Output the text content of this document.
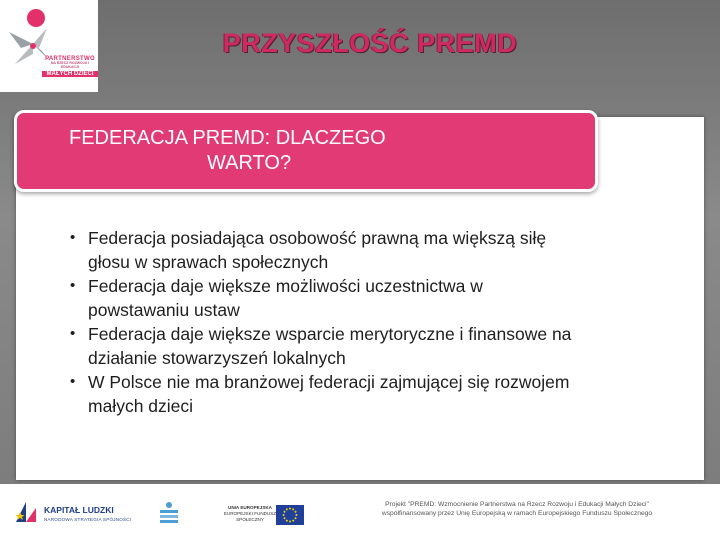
PARTNERSTWO
NA RZECZ ROZWOJU I EDUKACJI
MAŁYCH DZIECI
PRZYSZŁOŚĆ PREMD
FEDERACJA PREMD: DLACZEGO
WARTO?
• Federacja posiadająca osobowość prawną ma większą siłę
głosu w sprawach społecznych
• Federacja daje większe możliwości uczestnictwa w
powstawaniu ustaw
• Federacja daje większe wsparcie merytoryczne i finansowe na
działanie stowarzyszeń lokalnych
• W Polsce nie ma branżowej federacji zajmującej się rozwojem
małych dzieci
KAPITAŁ LUDZKI
NARODOWA STRATEGIA SPÓJNOŚCI
UNIA EUROPEJSKA
EUROPEJSKI FUNDUSZ SPOŁECZNY
Projekt "PREMD: Wzmocnienie Partnerstwa na Rzecz Rozwoju i Edukacji Małych Dzieci"
współfinansowany przez Unię Europejską w ramach Europejskiego Funduszu Społecznego
